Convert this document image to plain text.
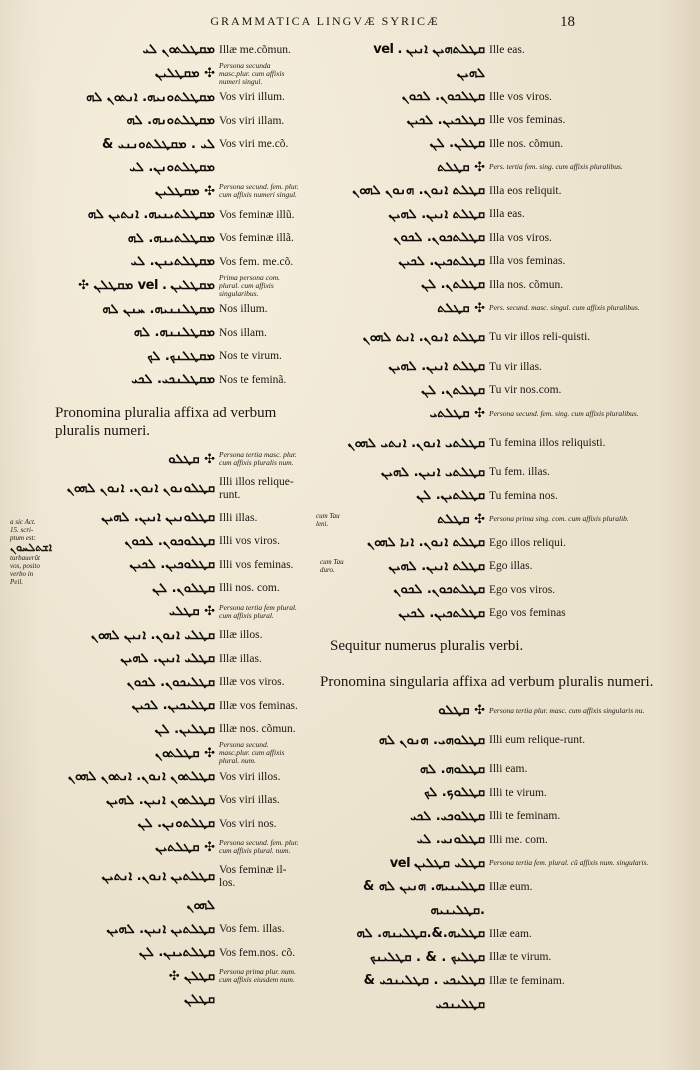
GRAMMATICA LINGVÆ SYRICÆ	18
ܡܩܛܠܬܘܢ ܠܝ Illæ me.cõmun.
ܡܩܛܠܝܢ ✣
Persona secunda masc.plur. cum affixis numeri singul.
ܡܩܛܠܬܘܢܝܗ. ܐܢܬܘܢ ܠܗ Vos viri illum.
ܡܩܛܠܬܘܢܗ. ܠܗ Vos viri illam.
& ܠܝ . ܡܩܛܠܬܘܢܢܝ Vos viri me.cõ.
ܡܩܛܠܬܘܢܢ. ܠܝ
ܡܩܛܠܝܢ ✣ Persona secund. fem. plur. cum affixis numeri singul.
ܡܩܛܠܬܝܢܝܗ. ܐܢܬܝܢ ܠܗ Vos feminæ illũ.
ܡܩܛܠܬܝܢܗ. ܠܗ Vos feminæ illã.
ܡܩܛܠܬܝܢܢ. ܠܝ Vos fem. me.cõ.
✣ ܡܩܛܠܢ vel . ܡܩܛܠܝܢ
Prima persona com. plural. cum affixis singularibus.
ܡܩܛܠܢܢܝܗ. ܚܢܢ ܠܗ Nos illum.
ܡܩܛܠܢܢܗ. ܠܗ Nos illam.
ܡܩܛܠܢܟ. ܠܟ Nos te virum.
ܡܩܛܠܢܟܝ. ܠܟܝ Nos te feminã.
Pronomina pluralia affixa ad verbum pluralis numeri.
ܩܛܠܘ ✣ Persona tertia masc. plur. cum affixis pluralis num.
ܩܛܠܘܢܘܢ ܐܢܘܢ. ܐܢܘܢ ܠܗܘܢ Illi illos relique-runt.
ܩܛܠܘܢܝܢ ܐܢܝܢ. ܠܗܝܢ Illi illas.
ܩܛܠܘܟܘܢ. ܠܟܘܢ Illi vos viros.
ܩܛܠܘܟܝܢ. ܠܟܝܢ Illi vos feminas.
ܩܛܠܘܢ. ܠܢ Illi nos. com.
ܩܛܠܝ ✣ Persona tertia fem plural. cum affixis plural.
ܩܛܠܝ ܐܢܘܢ. ܐܢܝܢ ܠܗܘܢ Illæ illos.
ܩܛܠܝ ܐܢܝܢ. ܠܗܝܢ Illæ illas.
ܩܛܠܝܟܘܢ. ܠܟܘܢ Illæ vos viros.
ܩܛܠܝܟܝܢ. ܠܟܝܢ Illæ vos feminas.
ܩܛܠܝܢ. ܠܢ Illæ nos. cõmun.
ܩܛܠܬܘܢ ✣
Persona secund. masc.plur. cum affixis plural. num.
ܩܛܠܬܘܢ ܐܢܘܢ. ܐܢܬܘܢ ܠܗܘܢ Vos viri illos.
ܩܛܠܬܘܢ ܐܢܝܢ. ܠܗܝܢ Vos viri illas.
ܩܛܠܬܘܢܢ. ܠܢ Vos viri nos.
ܩܛܠܬܝܢ ✣ Persona secund. fem. plur. cum affixis plural. num.
ܩܛܠܬܝܢ ܐܢܘܢ. ܐܢܬܝܢ Vos feminæ il-los.
ܠܗܘܢ
ܩܛܠܬܝܢ ܐܢܝܢ. ܠܗܝܢ Vos fem. illas.
ܩܛܠܬܝܢܢ. ܠܢ Vos fem.nos. cõ.
✣ ܩܛܠܢ Persona prima plur. num. cum affixis eiusdem num.
ܩܛܠܢ
vel . ܩܛܠܬܗܝܢ ܐܢܝܢ Ille eas.
ܠܗܝܢ
ܩܛܠܟܘܢ. ܠܟܘܢ Ille vos viros.
ܩܛܠܟܝܢ. ܠܟܝܢ Ille vos feminas.
ܩܛܠܢ. ܠܢ Ille nos. cõmun.
ܩܛܠܬ ✣ Pers. tertia fem. sing. cum affixis pluralibus.
ܩܛܠܬ ܐܢܘܢ. ܗܢܘܢ ܠܗܘܢ Illa eos reliquit.
ܩܛܠܬ ܐܢܝܢ. ܠܗܝܢ Illa eas.
ܩܛܠܬܟܘܢ. ܠܟܘܢ Illa vos viros.
ܩܛܠܬܟܝܢ. ܠܟܝܢ Illa vos feminas.
ܩܛܠܬܢ. ܠܢ Illa nos. cõmun.
ܩܛܠܬ ✣ Pers. secund. masc. singul. cum affixis pluralibus.
ܩܛܠܬ ܐܢܘܢ. ܐܢܬ ܠܗܘܢ Tu vir illos reli-quisti.
ܩܛܠܬ ܐܢܝܢ. ܠܗܝܢ Tu vir illas.
ܩܛܠܬܢ. ܠܢ Tu vir nos.com.
ܩܛܠܬܝ ✣ Persona secund. fem. sing. cum affixis pluralibus.
ܩܛܠܬܝ ܐܢܘܢ. ܐܢܬܝ ܠܗܘܢ Tu femina illos reliquisti.
ܩܛܠܬܝ ܐܢܝܢ. ܠܗܝܢ Tu fem. illas.
ܩܛܠܬܝܢ. ܠܢ Tu femina nos.
ܩܛܠܬ ✣ Persona prima sing. com. cum affixis pluralib.
ܩܛܠܬ ܐܢܘܢ. ܐܢܐ ܠܗܘܢ Ego illos reliqui.
ܩܛܠܬ ܐܢܝܢ. ܠܗܝܢ Ego illas.
ܩܛܠܬܟܘܢ. ܠܟܘܢ Ego vos viros.
ܩܛܠܬܟܝܢ. ܠܟܝܢ Ego vos feminas
Sequitur numerus pluralis verbi.
Pronomina singularia affixa ad verbum pluralis numeri.
ܩܛܠܘ ✣ Persona tertia plur. masc. cum affixis singularis nu.
ܩܛܠܘܗܝ. ܗܢܘܢ ܠܗ Illi eum relique-runt.
ܩܛܠܘܗ. ܠܗ Illi eam.
ܩܛܠܘܟ. ܠܟ Illi te virum.
ܩܛܠܘܟܝ. ܠܟܝ Illi te feminam.
ܩܛܠܘܢܝ. ܠܝ Illi me. com.
vel ܩܛܠܝ ܩܛܠܝܢ Persona tertia fem. plural. cũ affixis num. singularis.
& ܩܛܠܝܢܝܗ. ܗܢܝܢ ܠܗ Illæ eum.
ܩܛܠܝܢܝܗ.
ܩܛܠܝܗ.&.ܩܛܠܝܢܗ. ܠܗ Illæ eam.
ܩܛܠܝܟ . & . ܩܛܠܝܢܟ Illæ te virum.
& ܩܛܠܝܟܝ . ܩܛܠܝܢܟܝ Illæ te feminam.
ܩܛܠܝܢܟܝ
a sic Act. 15. scri-ptum est:
ܐܫܬܠܚܘܢ
turbauerũt vos, posito verbo in Peil.
cum Tau leni.
cum Tau duro.
